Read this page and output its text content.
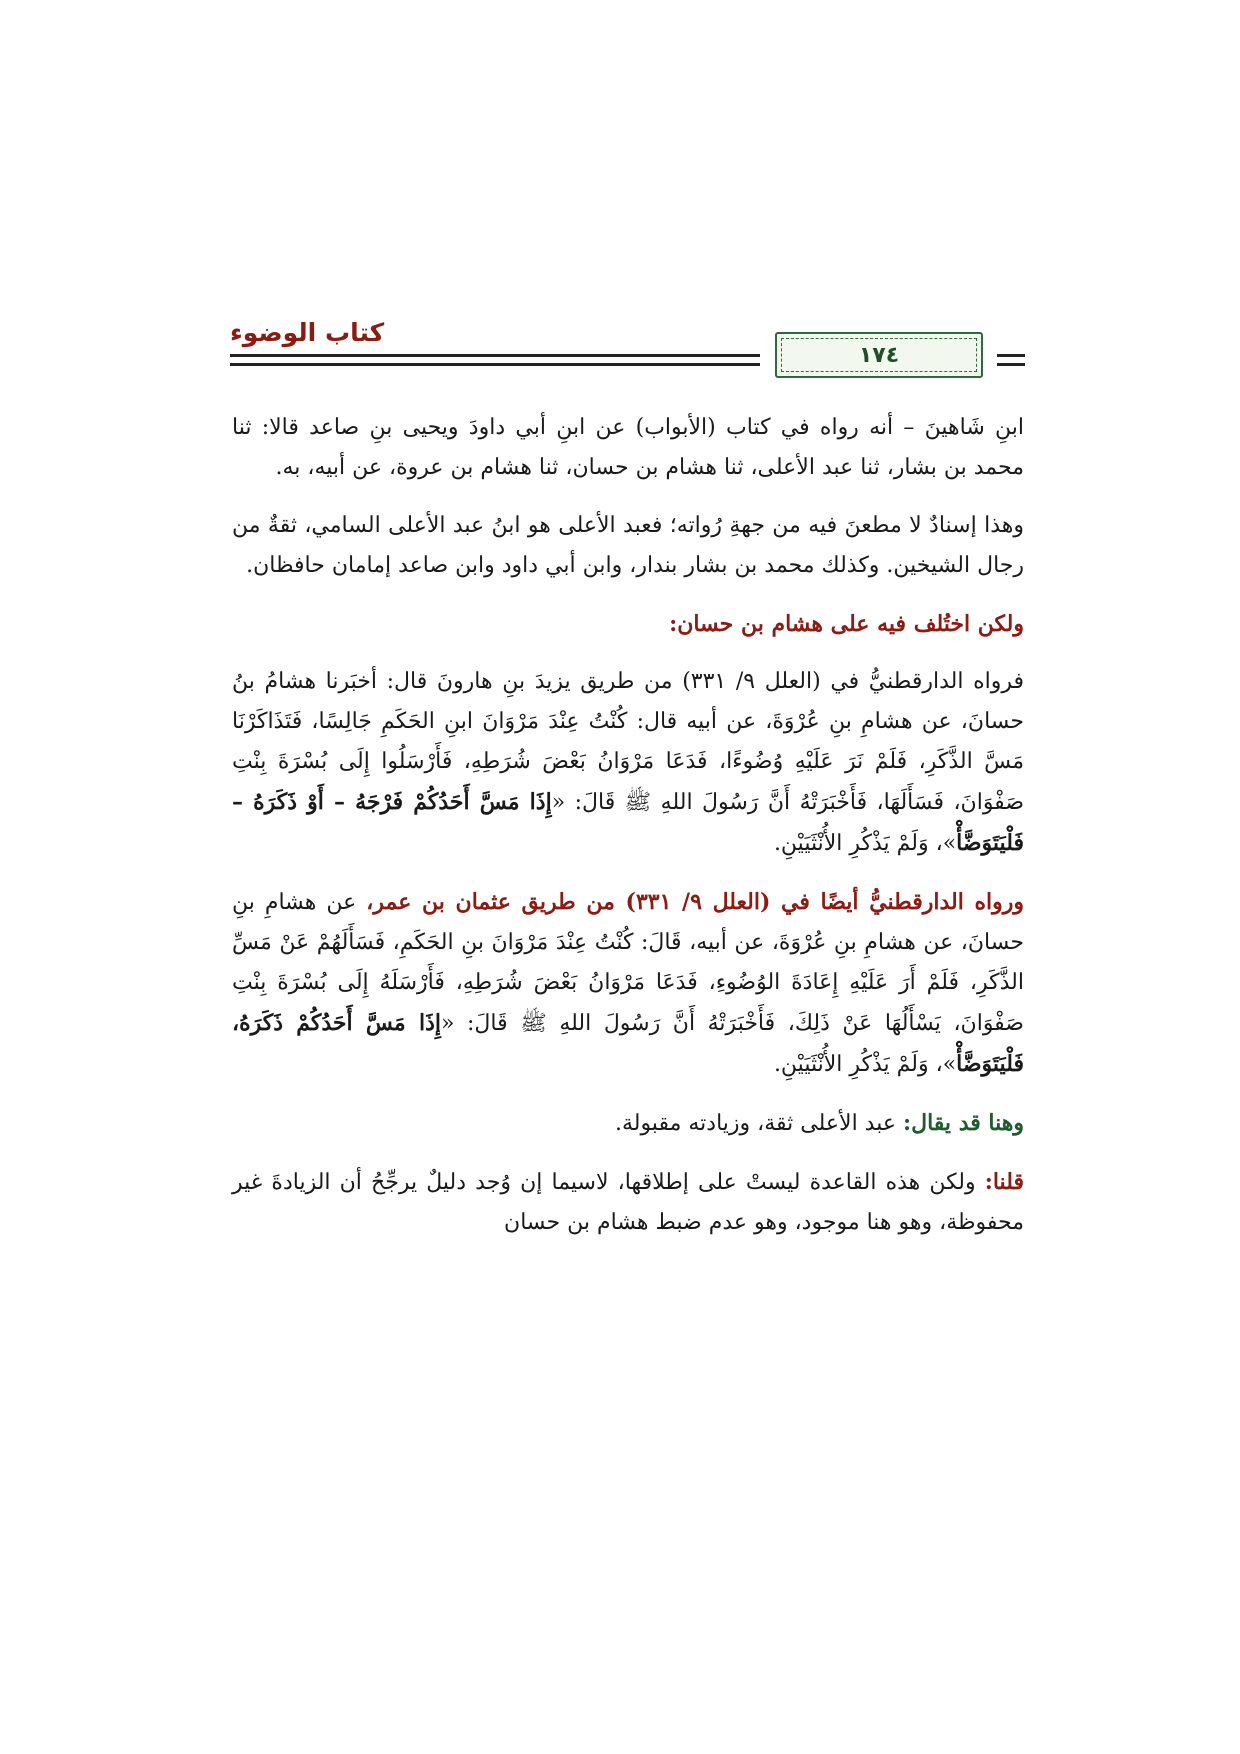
كتاب الوضوء
١٧٤

ابنِ شَاهينَ – أنه رواه في كتاب (الأبواب) عن ابنِ أبي داودَ ويحيى بنِ صاعد قالا: ثنا محمد بن بشار، ثنا عبد الأعلى، ثنا هشام بن حسان، ثنا هشام بن عروة، عن أبيه، به.

وهذا إسنادٌ لا مطعنَ فيه من جهةِ رُواته؛ فعبد الأعلى هو ابنُ عبد الأعلى السامي، ثقةٌ من رجال الشيخين. وكذلك محمد بن بشار بندار، وابن أبي داود وابن صاعد إمامان حافظان.

ولكن اختُلف فيه على هشام بن حسان:

فرواه الدارقطنيُّ في (العلل ٩/ ٣٣١) من طريق يزيدَ بنِ هارونَ قال: أخبَرنا هشامُ بنُ حسانَ، عن هشامِ بنِ عُرْوَةَ، عن أبيه قال: كُنْتُ عِنْدَ مَرْوَانَ ابنِ الحَكَمِ جَالِسًا، فَتَذَاكَرْنَا مَسَّ الذَّكَرِ، فَلَمْ نَرَ عَلَيْهِ وُضُوءًا، فَدَعَا مَرْوَانُ بَعْضَ شُرَطِهِ، فَأَرْسَلُوا إِلَى بُسْرَةَ بِنْتِ صَفْوَانَ، فَسَأَلَهَا، فَأَخْبَرَتْهُ أَنَّ رَسُولَ اللهِ ﷺ قَالَ: «إِذَا مَسَّ أَحَدُكُمْ فَرْجَهُ – أَوْ ذَكَرَهُ – فَلْيَتَوَضَّأْ»، وَلَمْ يَذْكُرِ الأُنْثَيَيْنِ.

ورواه الدارقطنيُّ أيضًا في (العلل ٩/ ٣٣١) من طريق عثمان بن عمر، عن هشامِ بنِ حسانَ، عن هشامِ بنِ عُرْوَةَ، عن أبيه، قَالَ: كُنْتُ عِنْدَ مَرْوَانَ بنِ الحَكَمِ، فَسَأَلَهُمْ عَنْ مَسِّ الذَّكَرِ، فَلَمْ أَرَ عَلَيْهِ إِعَادَةَ الوُضُوءِ، فَدَعَا مَرْوَانُ بَعْضَ شُرَطِهِ، فَأَرْسَلَهُ إِلَى بُسْرَةَ بِنْتِ صَفْوَانَ، يَسْأَلُهَا عَنْ ذَلِكَ، فَأَخْبَرَتْهُ أَنَّ رَسُولَ اللهِ ﷺ قَالَ: «إِذَا مَسَّ أَحَدُكُمْ ذَكَرَهُ، فَلْيَتَوَضَّأْ»، وَلَمْ يَذْكُرِ الأُنْثَيَيْنِ.

وهنا قد يقال: عبد الأعلى ثقة، وزيادته مقبولة.

قلنا: ولكن هذه القاعدة ليستْ على إطلاقها، لاسيما إن وُجد دليلٌ يرجِّحُ أن الزيادةَ غير محفوظة، وهو هنا موجود، وهو عدم ضبط هشام بن حسان
